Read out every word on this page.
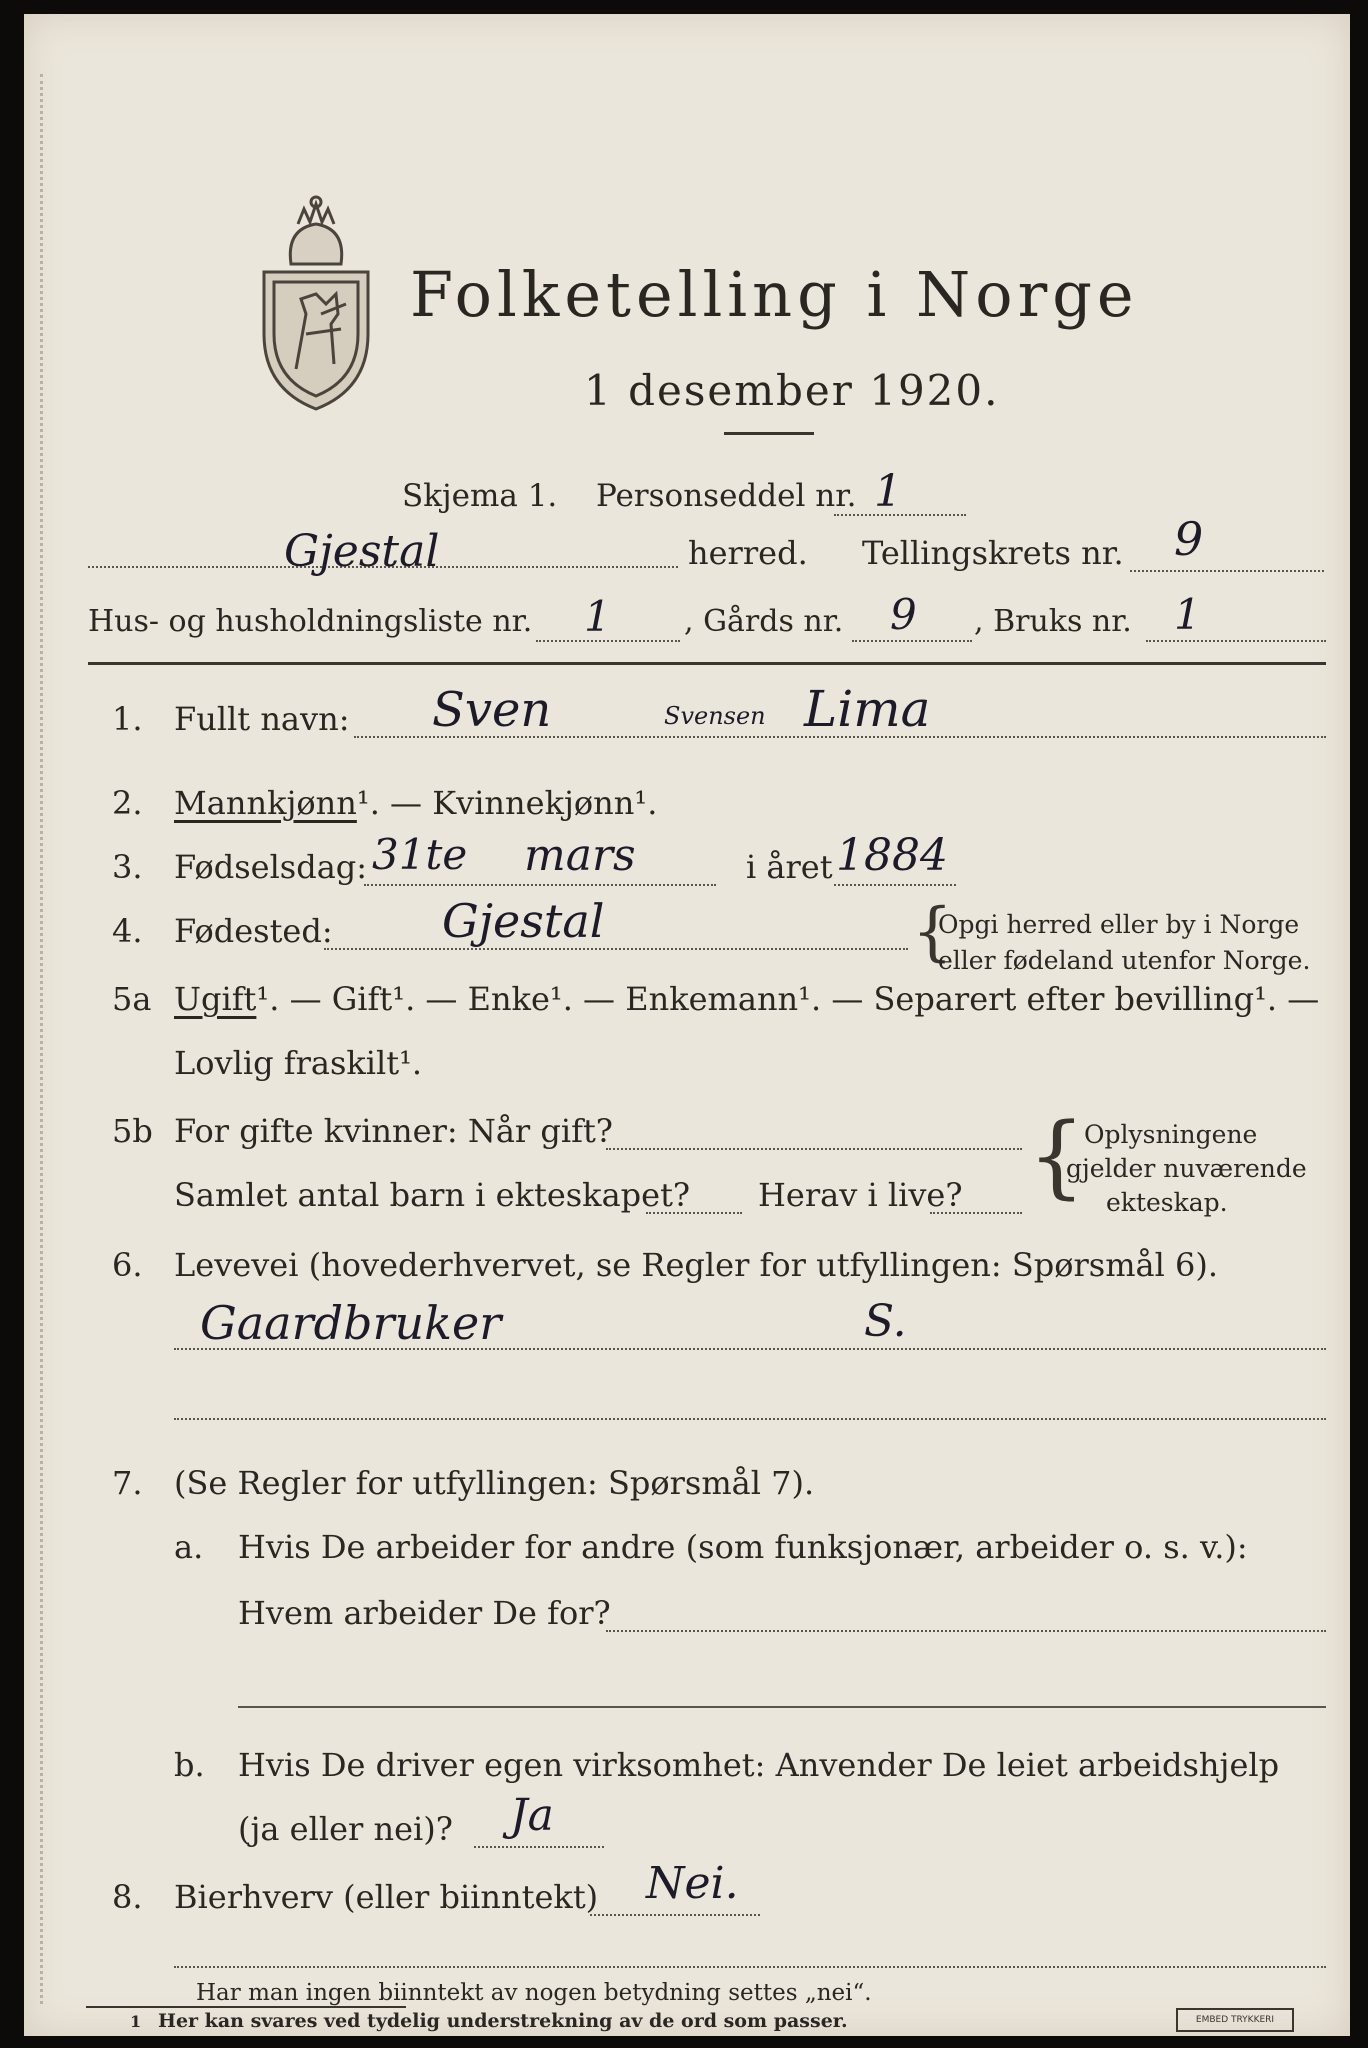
Folketelling i Norge
1 desember 1920.
Skjema 1. Personseddel nr. 1
Gjestal	herred. Tellingskrets nr. 9
Hus- og husholdningsliste nr. 1 , Gårds nr. 9 , Bruks nr. 1
1. Fullt navn: Sven	Svensen Lima
2. Mannkjønn¹. — Kvinnekjønn¹.
3. Fødselsdag: 31te mars	i året 1884
4. Fødested: Gjestal	{
Opgi herred eller by i Norge
eller fødeland utenfor Norge.
5a Ugift¹. — Gift¹. — Enke¹. — Enkemann¹. — Separert efter bevilling¹. —
Lovlig fraskilt¹.
5b For gifte kvinner: Når gift?
Samlet antal barn i ekteskapet? Herav i live? {
Oplysningene
gjelder nuværende
ekteskap.
6. Levevei (hovederhvervet, se Regler for utfyllingen: Spørsmål 6).
Gaardbruker	S.
7. (Se Regler for utfyllingen: Spørsmål 7).
a. Hvis De arbeider for andre (som funksjonær, arbeider o. s. v.):
Hvem arbeider De for?
b. Hvis De driver egen virksomhet: Anvender De leiet arbeidshjelp
(ja eller nei)? Ja
8. Bierhverv (eller biinntekt) Nei.
Har man ingen biinntekt av nogen betydning settes „nei“.
1 Her kan svares ved tydelig understrekning av de ord som passer.	EMBED TRYKKERI
